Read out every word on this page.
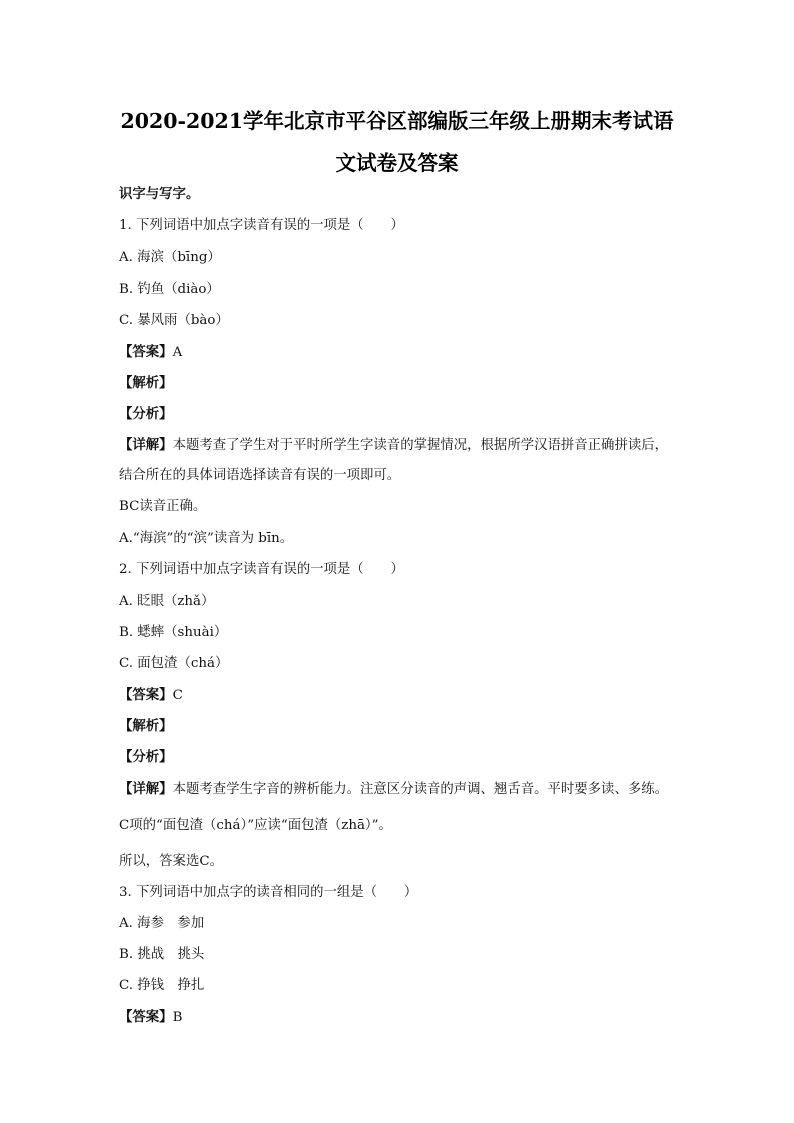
2020-2021学年北京市平谷区部编版三年级上册期末考试语
文试卷及答案
识字与写字。
1. 下列词语中加点字读音有误的一项是（　　）
A. 海滨（bīng）
B. 钓鱼（diào）
C. 暴风雨（bào）
【答案】A
【解析】
【分析】
【详解】本题考查了学生对于平时所学生字读音的掌握情况，根据所学汉语拼音正确拼读后，
结合所在的具体词语选择读音有误的一项即可。
BC读音正确。
A.“海滨”的“滨”读音为 bīn。
2. 下列词语中加点字读音有误的一项是（　　）
A. 眨眼（zhǎ）
B. 蟋蟀（shuài）
C. 面包渣（chá）
【答案】C
【解析】
【分析】
【详解】本题考查学生字音的辨析能力。注意区分读音的声调、翘舌音。平时要多读、多练。
C项的“面包渣（chá）”应读“面包渣（zhā）”。
所以，答案选C。
3. 下列词语中加点字的读音相同的一组是（　　）
A. 海参　参加
B. 挑战　挑头
C. 挣钱　挣扎
【答案】B
